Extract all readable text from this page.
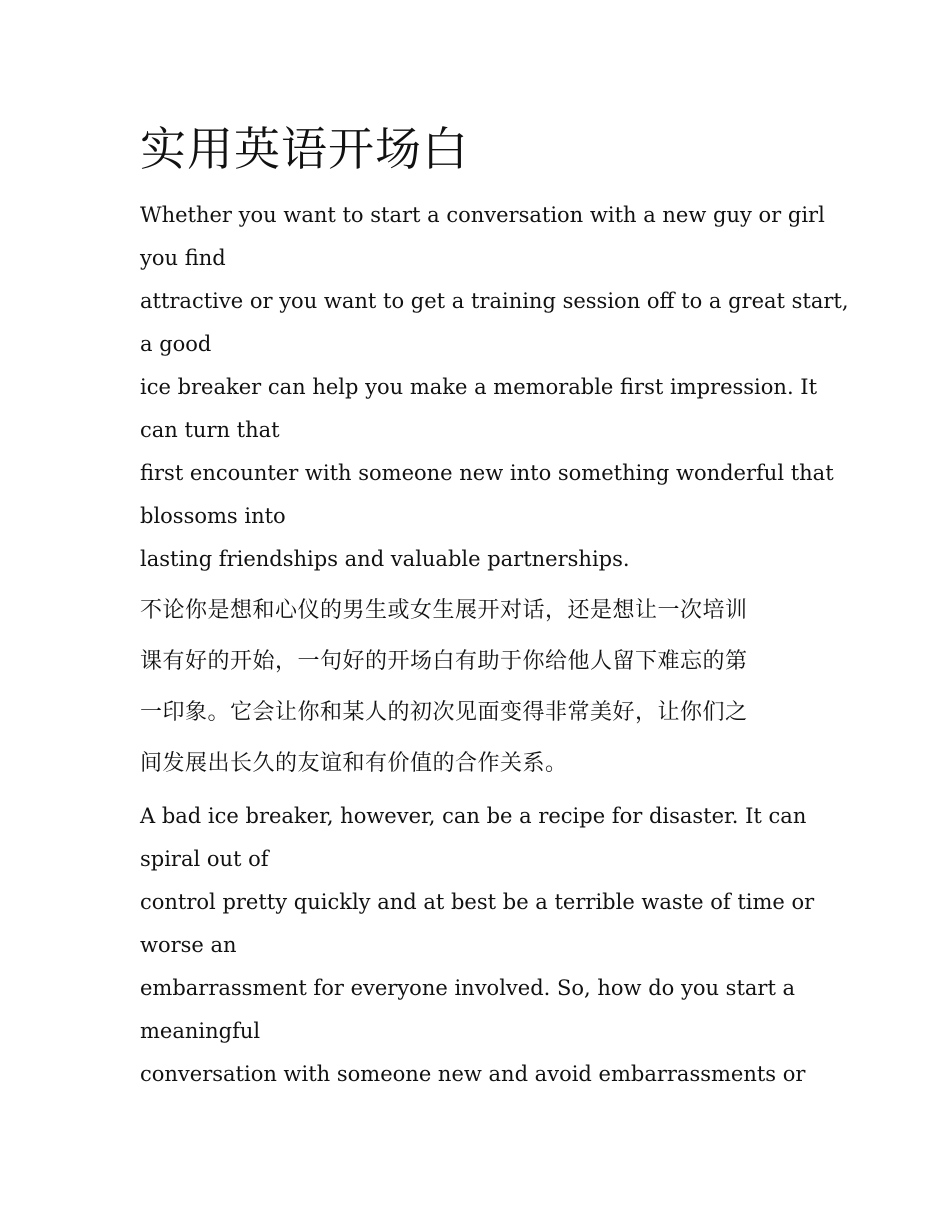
实用英语开场白
Whether you want to start a conversation with a new guy or girl
you find
attractive or you want to get a training session off to a great start,
a good
ice breaker can help you make a memorable first impression. It
can turn that
first encounter with someone new into something wonderful that
blossoms into
lasting friendships and valuable partnerships.
不论你是想和心仪的男生或女生展开对话，还是想让一次培训
课有好的开始，一句好的开场白有助于你给他人留下难忘的第
一印象。它会让你和某人的初次见面变得非常美好，让你们之
间发展出长久的友谊和有价值的合作关系。
A bad ice breaker, however, can be a recipe for disaster. It can
spiral out of
control pretty quickly and at best be a terrible waste of time or
worse an
embarrassment for everyone involved. So, how do you start a
meaningful
conversation with someone new and avoid embarrassments or
